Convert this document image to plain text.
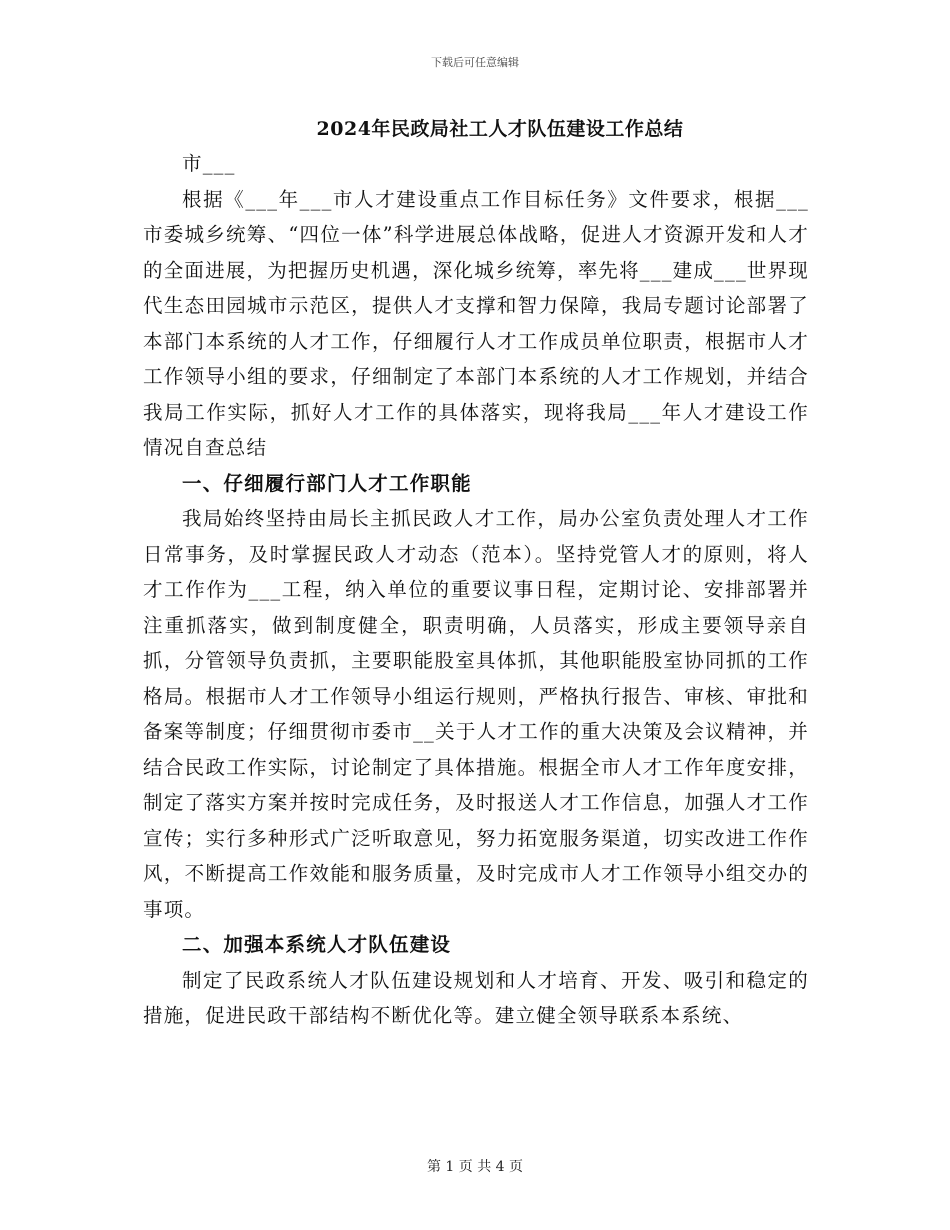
下载后可任意编辑
2024年民政局社工人才队伍建设工作总结

市___

根据《___年___市人才建设重点工作目标任务》文件要求，根据___市委城乡统筹、“四位一体”科学进展总体战略，促进人才资源开发和人才的全面进展，为把握历史机遇，深化城乡统筹，率先将___建成___世界现代生态田园城市示范区，提供人才支撑和智力保障，我局专题讨论部署了本部门本系统的人才工作，仔细履行人才工作成员单位职责，根据市人才工作领导小组的要求，仔细制定了本部门本系统的人才工作规划，并结合我局工作实际，抓好人才工作的具体落实，现将我局___年人才建设工作情况自查总结

一、仔细履行部门人才工作职能

我局始终坚持由局长主抓民政人才工作，局办公室负责处理人才工作日常事务，及时掌握民政人才动态（范本）。坚持党管人才的原则，将人才工作作为___工程，纳入单位的重要议事日程，定期讨论、安排部署并注重抓落实，做到制度健全，职责明确，人员落实，形成主要领导亲自抓，分管领导负责抓，主要职能股室具体抓，其他职能股室协同抓的工作格局。根据市人才工作领导小组运行规则，严格执行报告、审核、审批和备案等制度；仔细贯彻市委市__关于人才工作的重大决策及会议精神，并结合民政工作实际，讨论制定了具体措施。根据全市人才工作年度安排，制定了落实方案并按时完成任务，及时报送人才工作信息，加强人才工作宣传；实行多种形式广泛听取意见，努力拓宽服务渠道，切实改进工作作风，不断提高工作效能和服务质量，及时完成市人才工作领导小组交办的事项。

二、加强本系统人才队伍建设

制定了民政系统人才队伍建设规划和人才培育、开发、吸引和稳定的措施，促进民政干部结构不断优化等。建立健全领导联系本系统、

第 1 页 共 4 页
